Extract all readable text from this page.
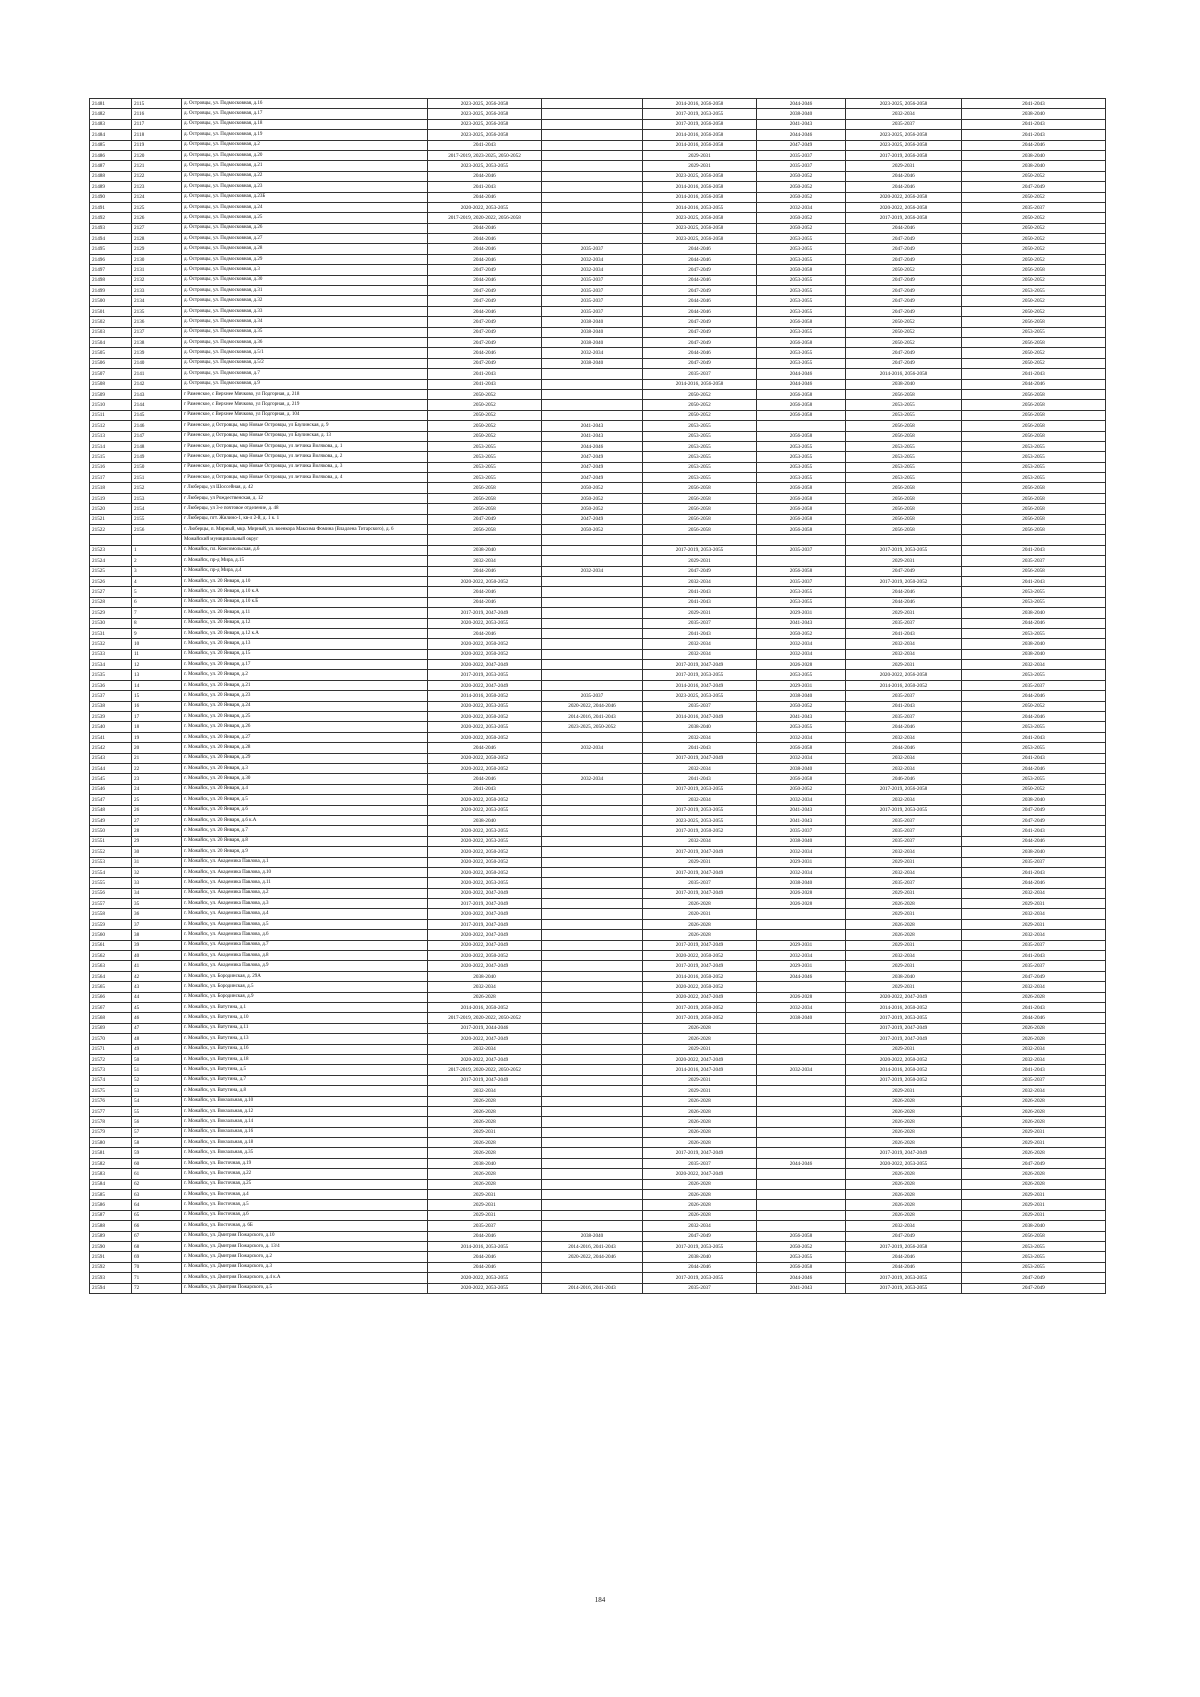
21481	2115	д. Островцы, ул. Подмосковная, д.16	2023-2025, 2056-2058		2014-2016, 2056-2058	2044-2046	2023-2025, 2056-2058	2041-2043
21482	2116	д. Островцы, ул. Подмосковная, д.17	2023-2025, 2056-2058		2017-2019, 2053-2055	2038-2040	2032-2034	2038-2040
21483	2117	д. Островцы, ул. Подмосковная, д.18	2023-2025, 2056-2058		2017-2019, 2056-2058	2041-2043	2035-2037	2041-2043
21484	2118	д. Островцы, ул. Подмосковная, д.19	2023-2025, 2056-2058		2014-2016, 2056-2058	2044-2046	2023-2025, 2056-2058	2041-2043
21485	2119	д. Островцы, ул. Подмосковная, д.2	2041-2043		2014-2016, 2056-2058	2047-2049	2023-2025, 2056-2058	2044-2046
21486	2120	д. Островцы, ул. Подмосковная, д.20	2017-2019, 2023-2025, 2050-2052		2029-2031	2035-2037	2017-2019, 2056-2058	2038-2040
21487	2121	д. Островцы, ул. Подмосковная, д.21	2023-2025, 2053-2055		2029-2031	2035-2037	2029-2031	2038-2040
21488	2122	д. Островцы, ул. Подмосковная, д.22	2044-2046		2023-2025, 2056-2058	2050-2052	2044-2046	2050-2052
21489	2123	д. Островцы, ул. Подмосковная, д.23	2041-2043		2014-2016, 2056-2058	2050-2052	2044-2046	2047-2049
21490	2124	д. Островцы, ул. Подмосковная, д.23Б	2044-2046		2014-2016, 2056-2058	2050-2052	2020-2022, 2056-2058	2050-2052
21491	2125	д. Островцы, ул. Подмосковная, д.24	2020-2022, 2053-2055		2014-2016, 2053-2055	2032-2034	2020-2022, 2056-2058	2035-2037
21492	2126	д. Островцы, ул. Подмосковная, д.25	2017-2019, 2020-2022, 2056-2058		2023-2025, 2056-2058	2050-2052	2017-2019, 2056-2058	2050-2052
21493	2127	д. Островцы, ул. Подмосковная, д.26	2044-2046		2023-2025, 2056-2058	2050-2052	2044-2046	2050-2052
21494	2128	д. Островцы, ул. Подмосковная, д.27	2044-2046		2023-2025, 2056-2058	2053-2055	2047-2049	2050-2052
21495	2129	д. Островцы, ул. Подмосковная, д.28	2044-2046	2035-2037	2044-2046	2053-2055	2047-2049	2050-2052
21496	2130	д. Островцы, ул. Подмосковная, д.29	2044-2046	2032-2034	2044-2046	2053-2055	2047-2049	2050-2052
21497	2131	д. Островцы, ул. Подмосковная, д.3	2047-2049	2032-2034	2047-2049	2050-2058	2050-2052	2056-2058
21498	2132	д. Островцы, ул. Подмосковная, д.30	2044-2046	2035-2037	2044-2046	2053-2055	2047-2049	2050-2052
21499	2133	д. Островцы, ул. Подмосковная, д.31	2047-2049	2035-2037	2047-2049	2053-2055	2047-2049	2053-2055
21500	2134	д. Островцы, ул. Подмосковная, д.32	2047-2049	2035-2037	2044-2046	2053-2055	2047-2049	2050-2052
21501	2135	д. Островцы, ул. Подмосковная, д.33	2044-2046	2035-2037	2044-2046	2053-2055	2047-2049	2050-2052
21502	2136	д. Островцы, ул. Подмосковная, д.34	2047-2049	2038-2040	2047-2049	2056-2058	2050-2052	2056-2058
21503	2137	д. Островцы, ул. Подмосковная, д.35	2047-2049	2038-2040	2047-2049	2053-2055	2050-2052	2053-2055
21504	2138	д. Островцы, ул. Подмосковная, д.36	2047-2049	2038-2040	2047-2049	2056-2058	2050-2052	2056-2058
21505	2139	д. Островцы, ул. Подмосковная, д.5/1	2044-2046	2032-2034	2044-2046	2053-2055	2047-2049	2050-2052
21506	2140	д. Островцы, ул. Подмосковная, д.5/2	2047-2049	2038-2040	2047-2049	2053-2055	2047-2049	2050-2052
21507	2141	д. Островцы, ул. Подмосковная, д.7	2041-2043		2035-2037	2044-2046	2014-2016, 2056-2058	2041-2043
21508	2142	д. Островцы, ул. Подмосковная, д.9	2041-2043		2014-2016, 2056-2058	2044-2046	2038-2040	2044-2046
21509	2143	г Раменское, с Верхнее Мячково, ул Подгорная, д. 218	2050-2052		2050-2052	2056-2058	2056-2058	2056-2058
21510	2144	г Раменское, с Верхнее Мячково, ул Подгорная, д. 219	2050-2052		2050-2052	2056-2058	2053-2055	2056-2058
21511	2145	г Раменское, с Верхнее Мячково, ул Подгорная, д. 104	2050-2052		2050-2052	2056-2058	2053-2055	2056-2058
21512	2146	г Раменское, д Островцы, мкр Новые Островцы, ул Баулинская, д. 9	2050-2052	2041-2043	2053-2055		2056-2058	2056-2058
21513	2147	г Раменское, д Островцы, мкр Новые Островцы, ул Баулинская, д. 13	2050-2052	2041-2043	2053-2055	2056-2058	2056-2058	2056-2058
21514	2148	г Раменское, д Островцы, мкр Новые Островцы, ул летчика Волчкова, д. 1	2053-2055	2044-2046	2053-2055	2053-2055	2053-2055	2053-2055
21515	2149	г Раменское, д Островцы, мкр Новые Островцы, ул летчика Волчкова, д. 2	2053-2055	2047-2049	2053-2055	2053-2055	2053-2055	2053-2055
21516	2150	г Раменское, д Островцы, мкр Новые Островцы, ул летчика Волчкова, д. 3	2053-2055	2047-2049	2053-2055	2053-2055	2053-2055	2053-2055
21517	2151	г Раменское, д Островцы, мкр Новые Островцы, ул летчика Волчкова, д. 4	2053-2055	2047-2049	2053-2055	2053-2055	2053-2055	2053-2055
21518	2152	г Люберцы, ул Шоссейная, д. 42	2056-2058	2050-2052	2056-2058	2056-2058	2056-2058	2056-2058
21519	2153	г Люберцы, ул Рождественская, д. 12	2056-2058	2050-2052	2056-2058	2056-2058	2056-2058	2056-2058
21520	2154	г Люберцы, ул 3-е почтовое отделение, д. 48	2056-2058	2050-2052	2056-2058	2056-2058	2056-2058	2056-2058
21521	2155	г Люберцы, пгт. Жилино-1, кв-л 2-й, д. 1 к. 1	2047-2049	2047-2049	2056-2058	2056-2058	2056-2058	2056-2058
21522	2156	г. Люберцы, п. Мирный, мкр. Мирный, ул. военкора Максима Фомина (Владлена Титарского), д. 6	2056-2058	2050-2052	2056-2058	2056-2058	2056-2058	2056-2058
		Можайский муниципальный округ						
21523	1	г. Можайск, пл. Комсомольская, д.6	2038-2040		2017-2019, 2053-2055	2035-2037	2017-2019, 2053-2055	2041-2043
21524	2	г. Можайск, пр-д Мира, д.15	2032-2034		2029-2031		2029-2031	2035-2037
21525	3	г. Можайск, пр-д Мира, д.4	2044-2046	2032-2034	2047-2049	2056-2058	2047-2049	2056-2058
21526	4	г. Можайск, ул. 20 Января, д.10	2020-2022, 2050-2052		2032-2034	2035-2037	2017-2019, 2050-2052	2041-2043
21527	5	г. Можайск, ул. 20 Января, д.10 к.А	2044-2046		2041-2043	2053-2055	2044-2046	2053-2055
21528	6	г. Можайск, ул. 20 Января, д.10 к.Б	2044-2046		2041-2043	2053-2055	2044-2046	2053-2055
21529	7	г. Можайск, ул. 20 Января, д.11	2017-2019, 2047-2049		2029-2031	2029-2031	2029-2031	2038-2040
21530	8	г. Можайск, ул. 20 Января, д.12	2020-2022, 2053-2055		2035-2037	2041-2043	2035-2037	2044-2046
21531	9	г. Можайск, ул. 20 Января, д.12 к.А	2044-2046		2041-2043	2050-2052	2041-2043	2053-2055
21532	10	г. Можайск, ул. 20 Января, д.13	2020-2022, 2050-2052		2032-2034	2032-2034	2032-2034	2038-2040
21533	11	г. Можайск, ул. 20 Января, д.15	2020-2022, 2050-2052		2032-2034	2032-2034	2032-2034	2038-2040
21534	12	г. Можайск, ул. 20 Января, д.17	2020-2022, 2047-2049		2017-2019, 2047-2049	2026-2028	2029-2031	2032-2034
21535	13	г. Можайск, ул. 20 Января, д.2	2017-2019, 2053-2055		2017-2019, 2053-2055	2053-2055	2020-2022, 2056-2058	2053-2055
21536	14	г. Можайск, ул. 20 Января, д.21	2020-2022, 2047-2049		2014-2016, 2047-2049	2029-2031	2014-2016, 2050-2052	2035-2037
21537	15	г. Можайск, ул. 20 Января, д.23	2014-2016, 2050-2052	2035-2037	2023-2025, 2053-2055	2038-2040	2035-2037	2044-2046
21538	16	г. Можайск, ул. 20 Января, д.24	2020-2022, 2053-2055	2020-2022, 2044-2046	2035-2037	2050-2052	2041-2043	2050-2052
21539	17	г. Можайск, ул. 20 Января, д.25	2020-2022, 2050-2052	2014-2016, 2041-2043	2014-2016, 2047-2049	2041-2043	2035-2037	2044-2046
21540	18	г. Можайск, ул. 20 Января, д.26	2020-2022, 2053-2055	2023-2025, 2050-2052	2038-2040	2053-2055	2044-2046	2053-2055
21541	19	г. Можайск, ул. 20 Января, д.27	2020-2022, 2050-2052		2032-2034	2032-2034	2032-2034	2041-2043
21542	20	г. Можайск, ул. 20 Января, д.28	2044-2046	2032-2034	2041-2043	2056-2058	2044-2046	2053-2055
21543	21	г. Можайск, ул. 20 Января, д.29	2020-2022, 2050-2052		2017-2019, 2047-2049	2032-2034	2032-2034	2041-2043
21544	22	г. Можайск, ул. 20 Января, д.3	2020-2022, 2050-2052		2032-2034	2038-2040	2032-2034	2044-2046
21545	23	г. Можайск, ул. 20 Января, д.30	2044-2046	2032-2034	2041-2043	2056-2058	2046-2046	2053-2055
21546	24	г. Можайск, ул. 20 Января, д.4	2041-2043		2017-2019, 2053-2055	2050-2052	2017-2019, 2056-2058	2050-2052
21547	25	г. Можайск, ул. 20 Января, д.5	2020-2022, 2050-2052		2032-2034	2032-2034	2032-2034	2038-2040
21548	26	г. Можайск, ул. 20 Января, д.6	2020-2022, 2053-2055		2017-2019, 2053-2055	2041-2043	2017-2019, 2053-2055	2047-2049
21549	27	г. Можайск, ул. 20 Января, д.6 к.А	2038-2040		2023-2025, 2053-2055	2041-2043	2035-2037	2047-2049
21550	28	г. Можайск, ул. 20 Января, д.7	2020-2022, 2053-2055		2017-2019, 2050-2052	2035-2037	2035-2037	2041-2043
21551	29	г. Можайск, ул. 20 Января, д.8	2020-2022, 2053-2055		2032-2034	2038-2040	2035-2037	2044-2046
21552	30	г. Можайск, ул. 20 Января, д.9	2020-2022, 2050-2052		2017-2019, 2047-2049	2032-2034	2032-2034	2038-2040
21553	31	г. Можайск, ул. Академика Павлова, д.1	2020-2022, 2050-2052		2029-2031	2029-2031	2029-2031	2035-2037
21554	32	г. Можайск, ул. Академика Павлова, д.10	2020-2022, 2050-2052		2017-2019, 2047-2049	2032-2034	2032-2034	2041-2043
21555	33	г. Можайск, ул. Академика Павлова, д.11	2020-2022, 2053-2055		2035-2037	2038-2040	2035-2037	2044-2046
21556	34	г. Можайск, ул. Академика Павлова, д.2	2020-2022, 2047-2049		2017-2019, 2047-2049	2026-2028	2029-2031	2032-2034
21557	35	г. Можайск, ул. Академика Павлова, д.3	2017-2019, 2047-2049		2026-2028	2026-2028	2026-2028	2029-2031
21558	36	г. Можайск, ул. Академика Павлова, д.4	2020-2022, 2047-2049		2020-2031		2029-2031	2032-2034
21559	37	г. Можайск, ул. Академика Павлова, д.5	2017-2019, 2047-2049		2026-2028		2026-2028	2029-2031
21560	38	г. Можайск, ул. Академика Павлова, д.6	2020-2022, 2047-2049		2026-2028		2026-2028	2032-2034
21561	39	г. Можайск, ул. Академика Павлова, д.7	2020-2022, 2047-2049		2017-2019, 2047-2049	2029-2031	2029-2031	2035-2037
21562	40	г. Можайск, ул. Академика Павлова, д.8	2020-2022, 2050-2052		2020-2022, 2050-2052	2032-2034	2032-2034	2041-2043
21563	41	г. Можайск, ул. Академика Павлова, д.9	2020-2022, 2047-2049		2017-2019, 2047-2049	2029-2031	2029-2031	2035-2037
21564	42	г. Можайск, ул. Бородинская, д. 29А	2038-2040		2014-2016, 2050-2052	2044-2046	2038-2040	2047-2049
21565	43	г. Можайск, ул. Бородинская, д.5	2032-2034		2020-2022, 2050-2052		2029-2031	2032-2034
21566	44	г. Можайск, ул. Бородинская, д.9	2026-2028		2020-2022, 2047-2049	2026-2028	2020-2022, 2047-2049	2026-2028
21567	45	г. Можайск, ул. Ватутина, д.1	2014-2016, 2050-2052		2017-2019, 2050-2052	2032-2034	2014-2016, 2050-2052	2041-2043
21568	46	г. Можайск, ул. Ватутина, д.10	2017-2019, 2020-2022, 2050-2052		2017-2019, 2050-2052	2038-2040	2017-2019, 2053-2055	2044-2046
21569	47	г. Можайск, ул. Ватутина, д.11	2017-2019, 2044-2046		2026-2028		2017-2019, 2047-2049	2026-2028
21570	48	г. Можайск, ул. Ватутина, д.13	2020-2022, 2047-2049		2026-2028		2017-2019, 2047-2049	2026-2028
21571	49	г. Можайск, ул. Ватутина, д.16	2032-2034		2029-2031		2029-2031	2032-2034
21572	50	г. Можайск, ул. Ватутина, д.18	2020-2022, 2047-2049		2020-2022, 2047-2049		2020-2022, 2050-2052	2032-2034
21573	51	г. Можайск, ул. Ватутина, д.5	2017-2019, 2020-2022, 2050-2052		2014-2016, 2047-2049	2032-2034	2014-2016, 2050-2052	2041-2043
21574	52	г. Можайск, ул. Ватутина, д.7	2017-2019, 2047-2049		2029-2031		2017-2019, 2050-2052	2035-2037
21575	53	г. Можайск, ул. Ватутина, д.8	2032-2034		2029-2031		2029-2031	2032-2034
21576	54	г. Можайск, ул. Вокзальная, д.10	2026-2028		2026-2028		2026-2028	2026-2028
21577	55	г. Можайск, ул. Вокзальная, д.12	2026-2028		2026-2028		2026-2028	2026-2028
21578	56	г. Можайск, ул. Вокзальная, д.14	2026-2028		2026-2028		2026-2028	2026-2028
21579	57	г. Можайск, ул. Вокзальная, д.16	2029-2031		2026-2028		2026-2028	2029-2031
21580	58	г. Можайск, ул. Вокзальная, д.18	2026-2028		2026-2028		2026-2028	2029-2031
21581	59	г. Можайск, ул. Вокзальная, д.35	2026-2028		2017-2019, 2047-2049		2017-2019, 2047-2049	2026-2028
21582	60	г. Можайск, ул. Восточная, д.19	2038-2040		2035-2037	2044-2046	2020-2022, 2053-2055	2047-2049
21583	61	г. Можайск, ул. Восточная, д.22	2026-2028		2020-2022, 2047-2049		2026-2028	2026-2028
21584	62	г. Можайск, ул. Восточная, д.25	2026-2028		2026-2028		2026-2028	2026-2028
21585	63	г. Можайск, ул. Восточная, д.4	2029-2031		2026-2028		2026-2028	2029-2031
21586	64	г. Можайск, ул. Восточная, д.5	2029-2031		2026-2028		2026-2028	2029-2031
21587	65	г. Можайск, ул. Восточная, д.6	2029-2031		2026-2028		2026-2028	2029-2031
21588	66	г. Можайск, ул. Восточная, д. 6Б	2035-2037		2032-2034		2032-2034	2038-2040
21589	67	г. Можайск, ул. Дмитрия Пожарского, д.10	2044-2046	2038-2040	2047-2049	2056-2058	2047-2049	2056-2058
21590	68	г. Можайск, ул. Дмитрия Пожарского, д. 13/4	2014-2016, 2053-2055	2014-2016, 2041-2043	2017-2019, 2053-2055	2050-2052	2017-2019, 2056-2058	2053-2055
21591	69	г. Можайск, ул. Дмитрия Пожарского, д.2	2044-2046	2020-2022, 2044-2046	2038-2040	2053-2055	2044-2046	2053-2055
21592	70	г. Можайск, ул. Дмитрия Пожарского, д.3	2044-2046		2044-2046	2056-2058	2044-2046	2053-2055
21593	71	г. Можайск, ул. Дмитрия Пожарского, д.4 к.А	2020-2022, 2053-2055		2017-2019, 2053-2055	2044-2046	2017-2019, 2053-2055	2047-2049
21594	72	г. Можайск, ул. Дмитрия Пожарского, д.5	2020-2022, 2053-2055	2014-2016, 2041-2043	2035-2037	2041-2043	2017-2019, 2053-2055	2047-2049
184
